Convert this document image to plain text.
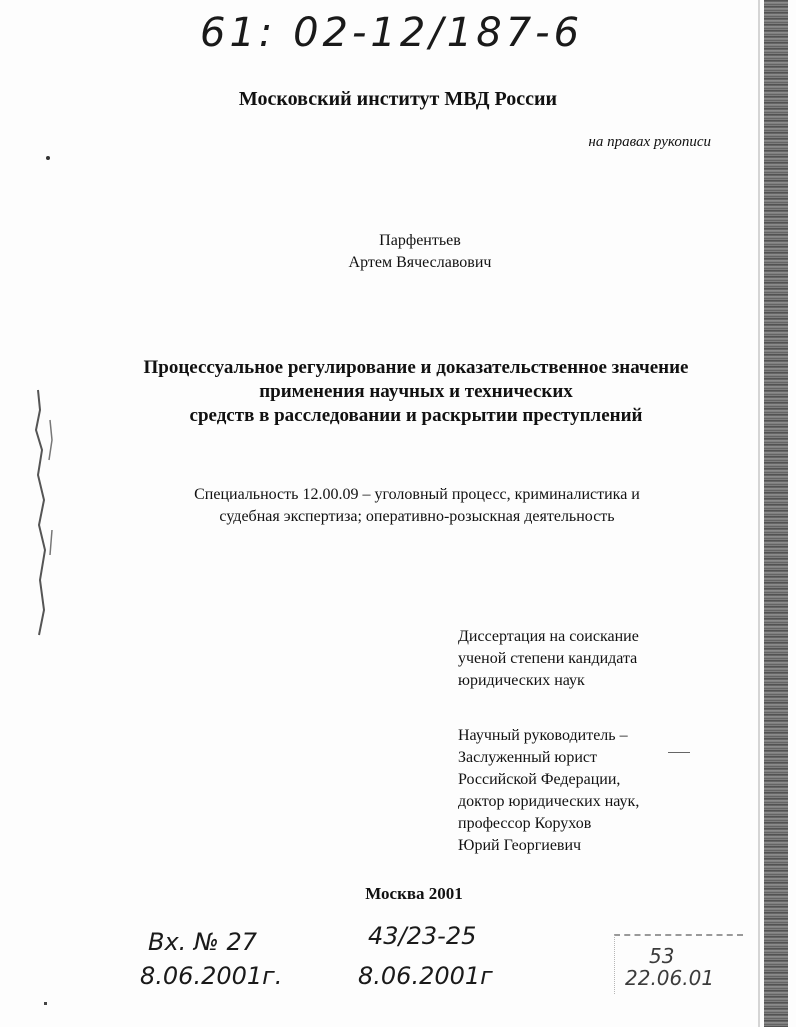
61: 02-12/187-6
Московский институт МВД России
на правах рукописи
Парфентьев
Артем Вячеславович
Процессуальное регулирование и доказательственное значение
применения научных и технических
средств в расследовании и раскрытии преступлений
Специальность 12.00.09 – уголовный процесс, криминалистика и
судебная экспертиза; оперативно-розыскная деятельность
Диссертация на соискание
ученой степени кандидата
юридических наук
Научный руководитель –
Заслуженный юрист
Российской Федерации,
доктор юридических наук,
профессор Корухов
Юрий Георгиевич
Москва 2001
Вх. № 27
8.06.2001г.
43/23-25
8.06.2001г
53
22.06.01
